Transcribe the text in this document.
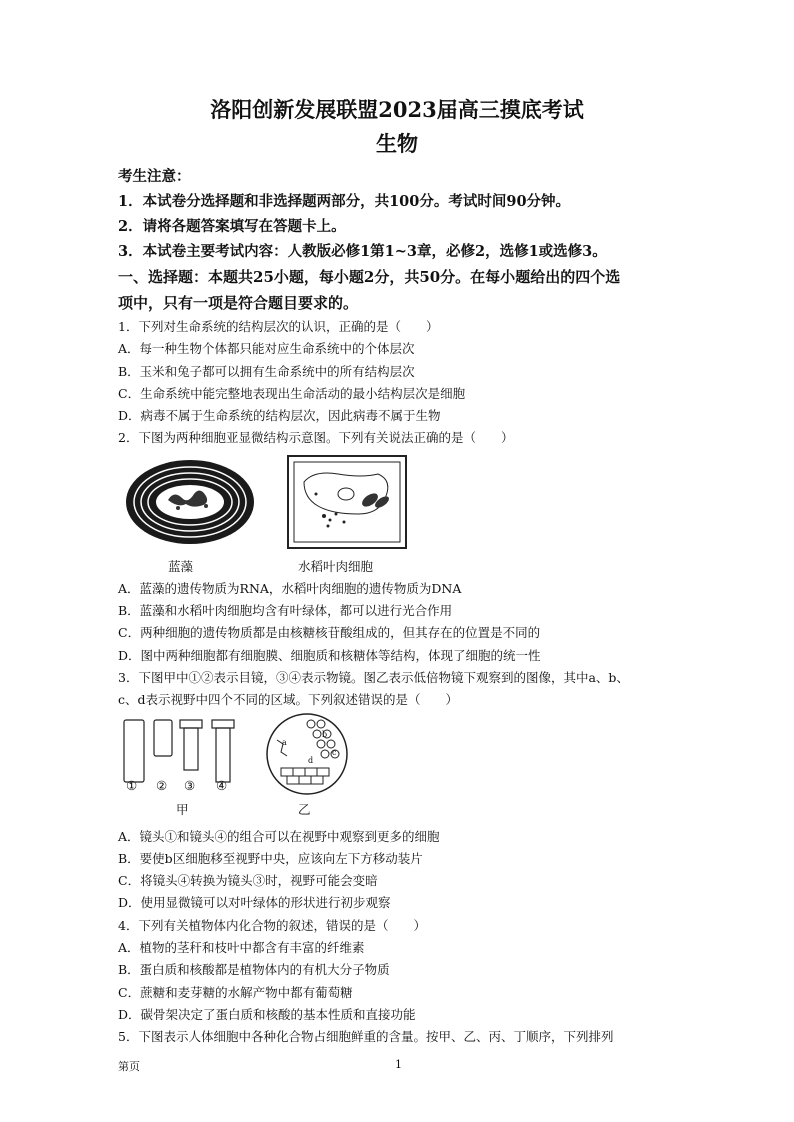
洛阳创新发展联盟2023届高三摸底考试
生物
考生注意：
1．本试卷分选择题和非选择题两部分，共100分。考试时间90分钟。
2．请将各题答案填写在答题卡上。
3．本试卷主要考试内容：人教版必修1第1~3章，必修2，选修1或选修3。
一、选择题：本题共25小题，每小题2分，共50分。在每小题给出的四个选
项中，只有一项是符合题目要求的。
1．下列对生命系统的结构层次的认识，正确的是（　　）
A．每一种生物个体都只能对应生命系统中的个体层次
B．玉米和兔子都可以拥有生命系统中的所有结构层次
C．生命系统中能完整地表现出生命活动的最小结构层次是细胞
D．病毒不属于生命系统的结构层次，因此病毒不属于生物
2．下图为两种细胞亚显微结构示意图。下列有关说法正确的是（　　）
蓝藻	水稻叶肉细胞
A．蓝藻的遗传物质为RNA，水稻叶肉细胞的遗传物质为DNA
B．蓝藻和水稻叶肉细胞均含有叶绿体，都可以进行光合作用
C．两种细胞的遗传物质都是由核糖核苷酸组成的，但其存在的位置是不同的
D．图中两种细胞都有细胞膜、细胞质和核糖体等结构，体现了细胞的统一性
3．下图甲中①②表示目镜，③④表示物镜。图乙表示低倍物镜下观察到的图像，其中a、b、
c、d表示视野中四个不同的区域。下列叙述错误的是（　　）
① ② ③ ④
甲
a
b
c
d
乙
A．镜头①和镜头④的组合可以在视野中观察到更多的细胞
B．要使b区细胞移至视野中央，应该向左下方移动装片
C．将镜头④转换为镜头③时，视野可能会变暗
D．使用显微镜可以对叶绿体的形状进行初步观察
4．下列有关植物体内化合物的叙述，错误的是（　　）
A．植物的茎秆和枝叶中都含有丰富的纤维素
B．蛋白质和核酸都是植物体内的有机大分子物质
C．蔗糖和麦芽糖的水解产物中都有葡萄糖
D．碳骨架决定了蛋白质和核酸的基本性质和直接功能
5．下图表示人体细胞中各种化合物占细胞鲜重的含量。按甲、乙、丙、丁顺序，下列排列
第页	1
